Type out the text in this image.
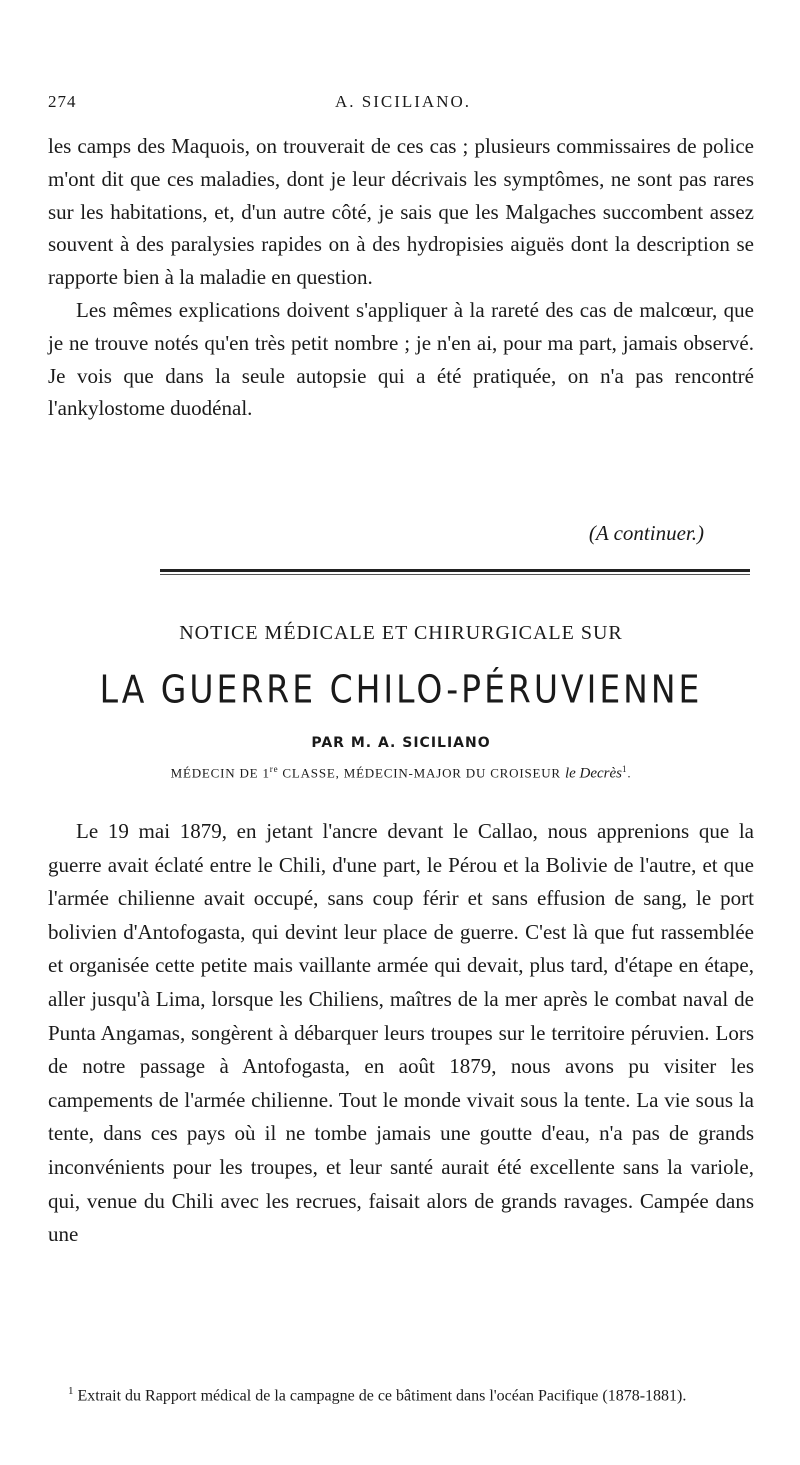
274	A. SICILIANO.

les camps des Maquois, on trouverait de ces cas ; plusieurs commissaires de police m'ont dit que ces maladies, dont je leur décrivais les symptômes, ne sont pas rares sur les habitations, et, d'un autre côté, je sais que les Malgaches succombent assez souvent à des paralysies rapides on à des hydropisies aiguës dont la description se rapporte bien à la maladie en question.

Les mêmes explications doivent s'appliquer à la rareté des cas de malcœur, que je ne trouve notés qu'en très petit nombre ; je n'en ai, pour ma part, jamais observé. Je vois que dans la seule autopsie qui a été pratiquée, on n'a pas rencontré l'ankylostome duodénal.

(A continuer.)
NOTICE MÉDICALE ET CHIRURGICALE SUR
LA GUERRE CHILO-PÉRUVIENNE
PAR M. A. SICILIANO
MÉDECIN DE 1re CLASSE, MÉDECIN-MAJOR DU CROISEUR le Decrès$^1$.

Le 19 mai 1879, en jetant l'ancre devant le Callao, nous apprenions que la guerre avait éclaté entre le Chili, d'une part, le Pérou et la Bolivie de l'autre, et que l'armée chilienne avait occupé, sans coup férir et sans effusion de sang, le port bolivien d'Antofogasta, qui devint leur place de guerre. C'est là que fut rassemblée et organisée cette petite mais vaillante armée qui devait, plus tard, d'étape en étape, aller jusqu'à Lima, lorsque les Chiliens, maîtres de la mer après le combat naval de Punta Angamas, songèrent à débarquer leurs troupes sur le territoire péruvien. Lors de notre passage à Antofogasta, en août 1879, nous avons pu visiter les campements de l'armée chilienne. Tout le monde vivait sous la tente. La vie sous la tente, dans ces pays où il ne tombe jamais une goutte d'eau, n'a pas de grands inconvénients pour les troupes, et leur santé aurait été excellente sans la variole, qui, venue du Chili avec les recrues, faisait alors de grands ravages. Campée dans une

$^1$ Extrait du Rapport médical de la campagne de ce bâtiment dans l'océan Pacifique (1878-1881).
